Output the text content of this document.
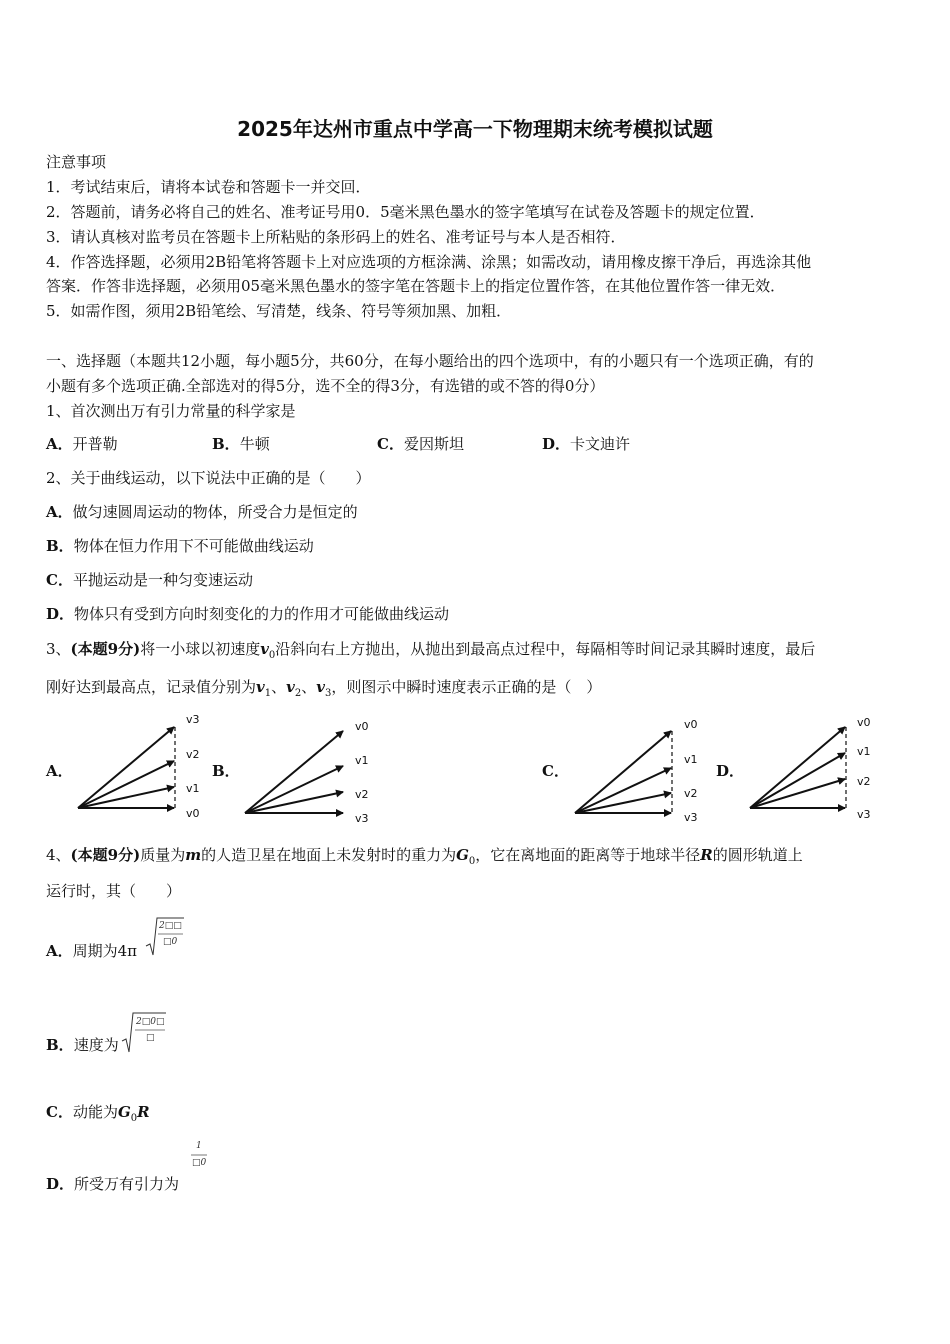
2025年达州市重点中学高一下物理期末统考模拟试题
注意事项
1．考试结束后，请将本试卷和答题卡一并交回．
2．答题前，请务必将自己的姓名、准考证号用0．5毫米黑色墨水的签字笔填写在试卷及答题卡的规定位置．
3．请认真核对监考员在答题卡上所粘贴的条形码上的姓名、准考证号与本人是否相符．
4．作答选择题，必须用2B铅笔将答题卡上对应选项的方框涂满、涂黑；如需改动，请用橡皮擦干净后，再选涂其他
答案．作答非选择题，必须用05毫米黑色墨水的签字笔在答题卡上的指定位置作答，在其他位置作答一律无效．
5．如需作图，须用2B铅笔绘、写清楚，线条、符号等须加黑、加粗．
一、选择题（本题共12小题，每小题5分，共60分，在每小题给出的四个选项中，有的小题只有一个选项正确，有的
小题有多个选项正确.全部选对的得5分，选不全的得3分，有选错的或不答的得0分）
1、首次测出万有引力常量的科学家是
A．开普勒	B．牛顿	C．爱因斯坦	D．卡文迪许
2、关于曲线运动，以下说法中正确的是（　　）
A．做匀速圆周运动的物体，所受合力是恒定的
B．物体在恒力作用下不可能做曲线运动
C．平抛运动是一种匀变速运动
D．物体只有受到方向时刻变化的力的作用才可能做曲线运动
3、(本题9分)将一小球以初速度$v_0$沿斜向右上方抛出，从抛出到最高点过程中，每隔相等时间记录其瞬时速度，最后
刚好达到最高点，记录值分别为$v_1$、$v_2$、$v_3$，则图示中瞬时速度表示正确的是（　）
A．	B．	C．	D．
v3
v2
v1
v0
v0
v1
v2
v3
v0
v1
v2
v3
v0
v1
v2
v3
4、(本题9分)质量为m的人造卫星在地面上未发射时的重力为$G_0$，它在离地面的距离等于地球半径R的圆形轨道上
运行时，其（　　）
A．周期为4π
2□□
□0
B．速度为
2□0□
□
C．动能为$G_0R$
1
□0
D．所受万有引力为
